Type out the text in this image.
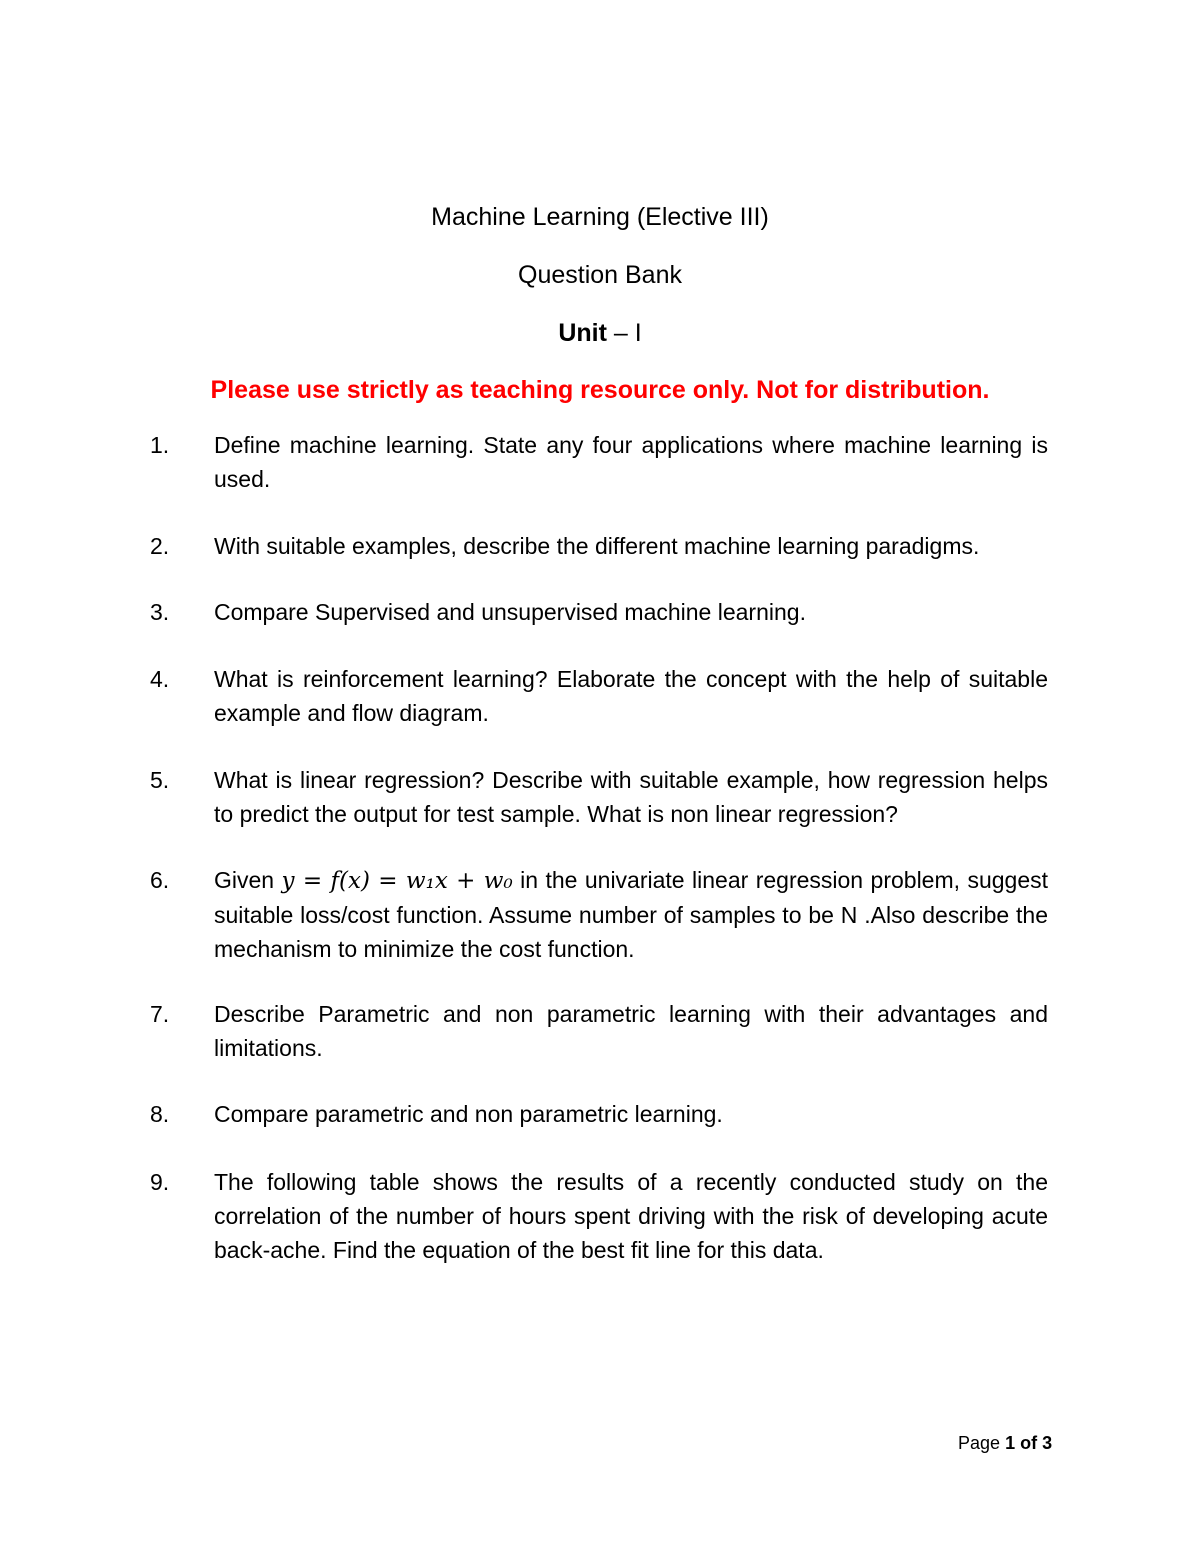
Machine Learning (Elective III)
Question Bank
Unit – I
Please use strictly as teaching resource only. Not for distribution.
1.	Define machine learning. State any four applications where machine learning is used.
2.	With suitable examples, describe the different machine learning paradigms.
3.	Compare Supervised and unsupervised machine learning.
4.	What is reinforcement learning? Elaborate the concept with the help of suitable example and flow diagram.
5.	What is linear regression? Describe with suitable example, how regression helps to predict the output for test sample. What is non linear regression?
6.	Given y = f(x) = w₁x + w₀ in the univariate linear regression problem, suggest suitable loss/cost function. Assume number of samples to be N .Also describe the mechanism to minimize the cost function.
7.	Describe Parametric and non parametric learning with their advantages and limitations.
8.	Compare parametric and non parametric learning.
9.	The following table shows the results of a recently conducted study on the correlation of the number of hours spent driving with the risk of developing acute back-ache. Find the equation of the best fit line for this data.
Page 1 of 3
